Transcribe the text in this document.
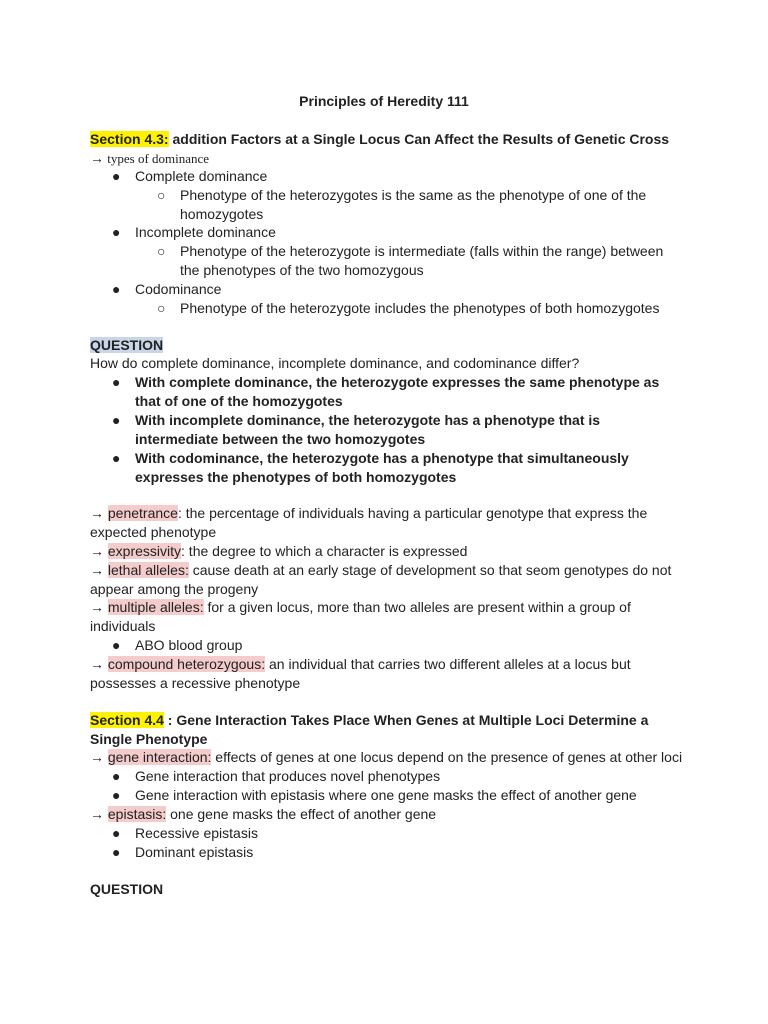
Principles of Heredity 111
Section 4.3: addition Factors at a Single Locus Can Affect the Results of Genetic Cross
→ types of dominance
● Complete dominance
○ Phenotype of the heterozygotes is the same as the phenotype of one of the
homozygotes
● Incomplete dominance
○ Phenotype of the heterozygote is intermediate (falls within the range) between
the phenotypes of the two homozygous
● Codominance
○ Phenotype of the heterozygote includes the phenotypes of both homozygotes
QUESTION
How do complete dominance, incomplete dominance, and codominance differ?
● With complete dominance, the heterozygote expresses the same phenotype as
that of one of the homozygotes
● With incomplete dominance, the heterozygote has a phenotype that is
intermediate between the two homozygotes
● With codominance, the heterozygote has a phenotype that simultaneously
expresses the phenotypes of both homozygotes
→ penetrance: the percentage of individuals having a particular genotype that express the
expected phenotype
→ expressivity: the degree to which a character is expressed
→ lethal alleles: cause death at an early stage of development so that seom genotypes do not
appear among the progeny
→ multiple alleles: for a given locus, more than two alleles are present within a group of
individuals
● ABO blood group
→ compound heterozygous: an individual that carries two different alleles at a locus but
possesses a recessive phenotype
Section 4.4 : Gene Interaction Takes Place When Genes at Multiple Loci Determine a
Single Phenotype
→ gene interaction: effects of genes at one locus depend on the presence of genes at other loci
● Gene interaction that produces novel phenotypes
● Gene interaction with epistasis where one gene masks the effect of another gene
→ epistasis: one gene masks the effect of another gene
● Recessive epistasis
● Dominant epistasis
QUESTION
